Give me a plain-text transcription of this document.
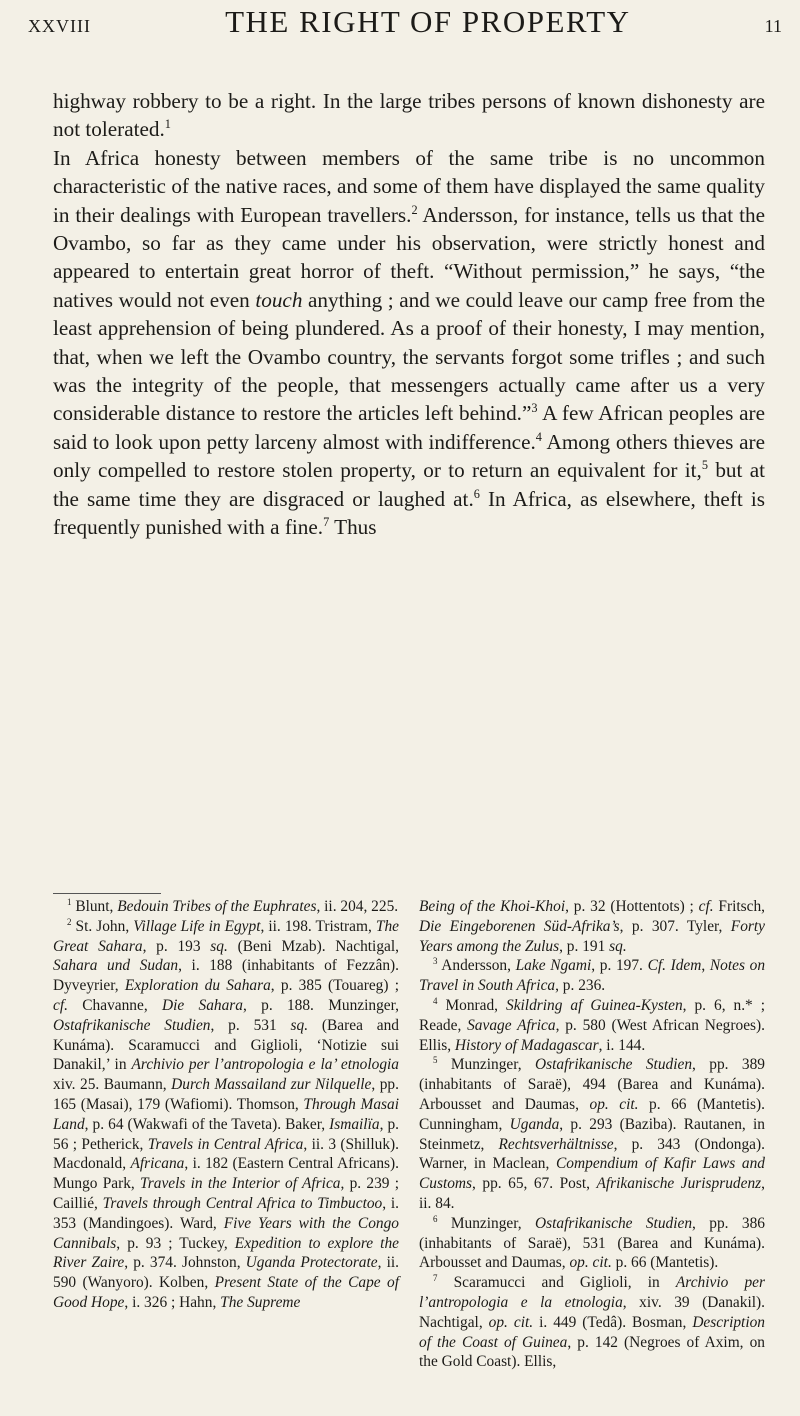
XXVIII	THE RIGHT OF PROPERTY	11

highway robbery to be a right. In the large tribes persons of known dishonesty are not tolerated.$^1$

In Africa honesty between members of the same tribe is no uncommon characteristic of the native races, and some of them have displayed the same quality in their dealings with European travellers.$^2$ Andersson, for instance, tells us that the Ovambo, so far as they came under his observation, were strictly honest and appeared to entertain great horror of theft. “Without permission,” he says, “the natives would not even touch anything ; and we could leave our camp free from the least apprehension of being plundered. As a proof of their honesty, I may mention, that, when we left the Ovambo country, the servants forgot some trifles ; and such was the integrity of the people, that messengers actually came after us a very considerable distance to restore the articles left behind.”$^3$ A few African peoples are said to look upon petty larceny almost with indifference.$^4$ Among others thieves are only compelled to restore stolen property, or to return an equivalent for it,$^5$ but at the same time they are disgraced or laughed at.$^6$ In Africa, as elsewhere, theft is frequently punished with a fine.$^7$ Thus

$^1$ Blunt, Bedouin Tribes of the Euphrates, ii. 204, 225.

$^2$ St. John, Village Life in Egypt, ii. 198. Tristram, The Great Sahara, p. 193 sq. (Beni Mzab). Nachtigal, Sahara und Sudan, i. 188 (inhabitants of Fezzân). Dyveyrier, Exploration du Sahara, p. 385 (Touareg) ; cf. Chavanne, Die Sahara, p. 188. Munzinger, Ostafrikanische Studien, p. 531 sq. (Barea and Kunáma). Scaramucci and Giglioli, ‘Notizie sui Danakil,’ in Archivio per l’antropologia e la’ etnologia xiv. 25. Baumann, Durch Massailand zur Nilquelle, pp. 165 (Masai), 179 (Wafiomi). Thomson, Through Masai Land, p. 64 (Wakwafi of the Taveta). Baker, Ismailïa, p. 56 ; Petherick, Travels in Central Africa, ii. 3 (Shilluk). Macdonald, Africana, i. 182 (Eastern Central Africans). Mungo Park, Travels in the Interior of Africa, p. 239 ; Caillié, Travels through Central Africa to Timbuctoo, i. 353 (Mandingoes). Ward, Five Years with the Congo Cannibals, p. 93 ; Tuckey, Expedition to explore the River Zaire, p. 374. Johnston, Uganda Protectorate, ii. 590 (Wanyoro). Kolben, Present State of the Cape of Good Hope, i. 326 ; Hahn, The Supreme

Being of the Khoi-Khoi, p. 32 (Hottentots) ; cf. Fritsch, Die Eingeborenen Süd-Afrika’s, p. 307. Tyler, Forty Years among the Zulus, p. 191 sq.

$^3$ Andersson, Lake Ngami, p. 197. Cf. Idem, Notes on Travel in South Africa, p. 236.

$^4$ Monrad, Skildring af Guinea-Kysten, p. 6, n.* ; Reade, Savage Africa, p. 580 (West African Negroes). Ellis, History of Madagascar, i. 144.

$^5$ Munzinger, Ostafrikanische Studien, pp. 389 (inhabitants of Saraë), 494 (Barea and Kunáma). Arbousset and Daumas, op. cit. p. 66 (Mantetis). Cunningham, Uganda, p. 293 (Baziba). Rautanen, in Steinmetz, Rechtsverhältnisse, p. 343 (Ondonga). Warner, in Maclean, Compendium of Kafir Laws and Customs, pp. 65, 67. Post, Afrikanische Jurisprudenz, ii. 84.

$^6$ Munzinger, Ostafrikanische Studien, pp. 386 (inhabitants of Saraë), 531 (Barea and Kunáma). Arbousset and Daumas, op. cit. p. 66 (Mantetis).

$^7$ Scaramucci and Giglioli, in Archivio per l’antropologia e la etnologia, xiv. 39 (Danakil). Nachtigal, op. cit. i. 449 (Tedâ). Bosman, Description of the Coast of Guinea, p. 142 (Negroes of Axim, on the Gold Coast). Ellis,
